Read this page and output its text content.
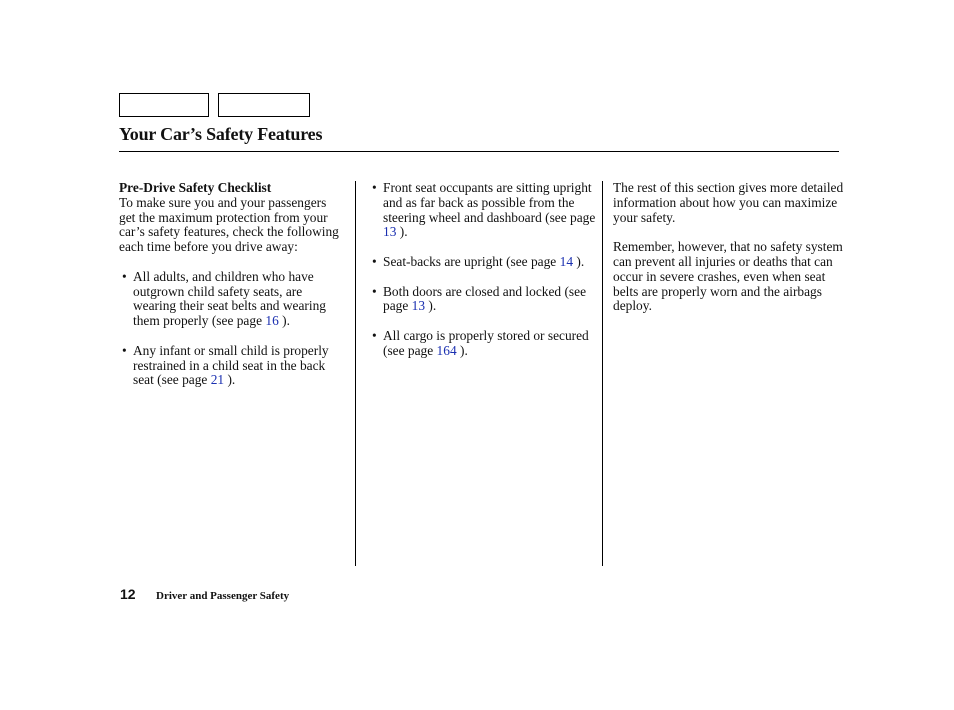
Your Car’s Safety Features
Pre-Drive Safety Checklist

To make sure you and your passengers get the maximum protection from your car’s safety features, check the following each time before you drive away:

• All adults, and children who have outgrown child safety seats, are wearing their seat belts and wearing them properly (see page 16 ).
• Any infant or small child is properly restrained in a child seat in the back seat (see page 21 ).
• Front seat occupants are sitting upright and as far back as possible from the steering wheel and dashboard (see page 13 ).
• Seat-backs are upright (see page 14 ).
• Both doors are closed and locked (see page 13 ).
• All cargo is properly stored or secured (see page 164 ).

The rest of this section gives more detailed information about how you can maximize your safety.

Remember, however, that no safety system can prevent all injuries or deaths that can occur in severe crashes, even when seat belts are properly worn and the airbags deploy.

12 Driver and Passenger Safety
